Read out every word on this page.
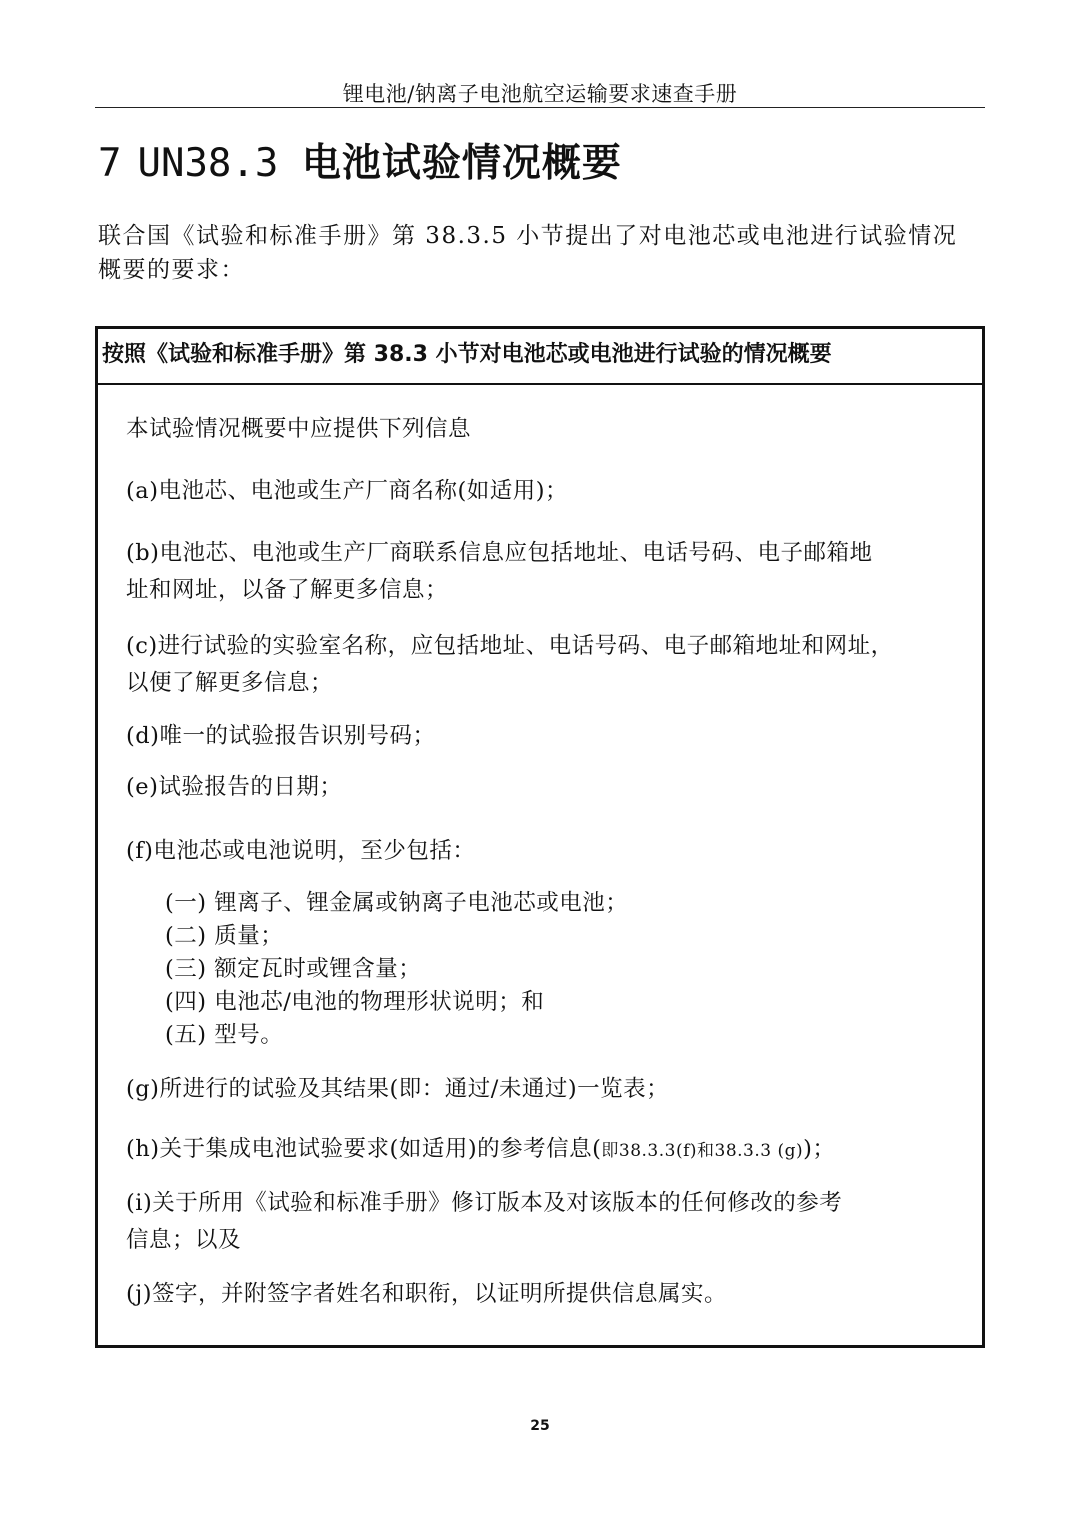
锂电池/钠离子电池航空运输要求速查手册
7 UN38.3 电池试验情况概要
联合国《试验和标准手册》第 38.3.5 小节提出了对电池芯或电池进行试验情况概要的要求：
按照《试验和标准手册》第 38.3 小节对电池芯或电池进行试验的情况概要
本试验情况概要中应提供下列信息
(a)电池芯、电池或生产厂商名称(如适用)；
(b)电池芯、电池或生产厂商联系信息应包括地址、电话号码、电子邮箱地
址和网址，以备了解更多信息；
(c)进行试验的实验室名称，应包括地址、电话号码、电子邮箱地址和网址，
以便了解更多信息；
(d)唯一的试验报告识别号码；
(e)试验报告的日期；
(f)电池芯或电池说明，至少包括：
(一) 锂离子、锂金属或钠离子电池芯或电池；
(二) 质量；
(三) 额定瓦时或锂含量；
(四) 电池芯/电池的物理形状说明；和
(五) 型号。
(g)所进行的试验及其结果(即：通过/未通过)一览表；
(h)关于集成电池试验要求(如适用)的参考信息(即38.3.3(f)和38.3.3 (g))；
(i)关于所用《试验和标准手册》修订版本及对该版本的任何修改的参考
信息；以及
(j)签字，并附签字者姓名和职衔，以证明所提供信息属实。
25
